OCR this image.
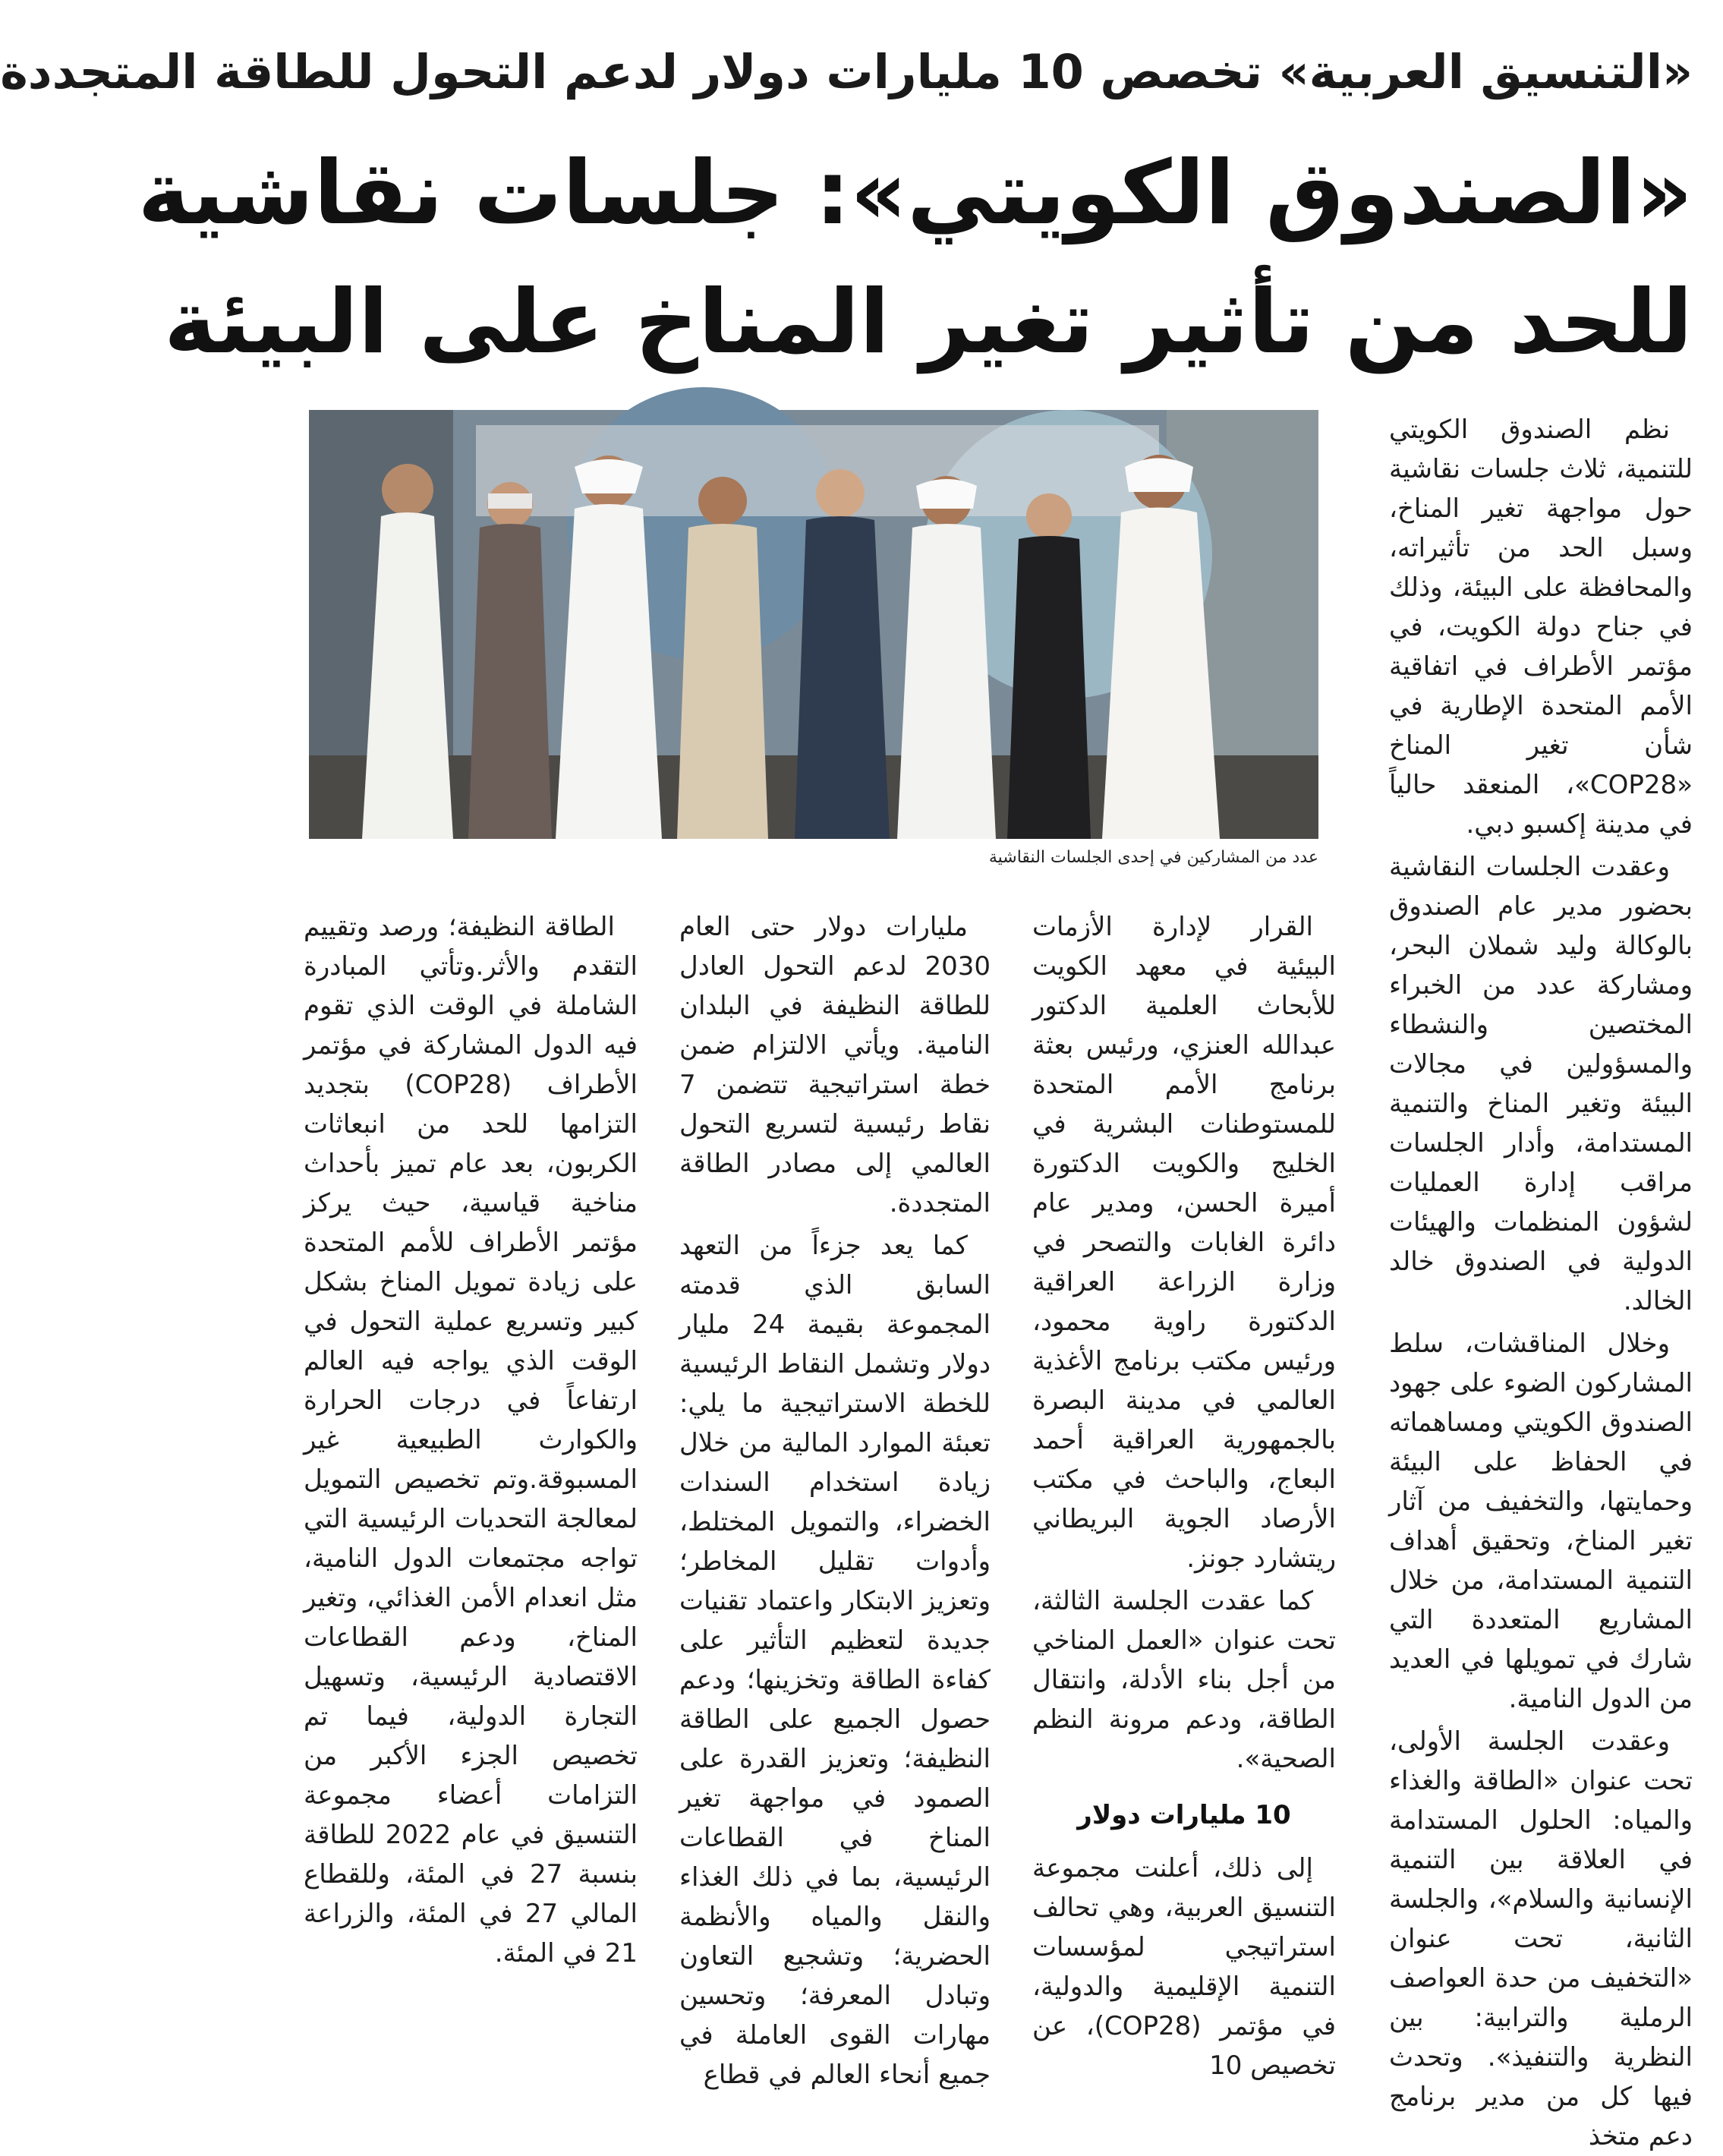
«التنسيق العربية» تخصص 10 مليارات دولار لدعم التحول للطاقة المتجددة
«الصندوق الكويتي»: جلسات نقاشية
للحد من تأثير تغير المناخ على البيئة
عدد من المشاركين في إحدى الجلسات النقاشية

نظم الصندوق الكويتي للتنمية، ثلاث جلسات نقاشية حول مواجهة تغير المناخ، وسبل الحد من تأثيراته، والمحافظة على البيئة، وذلك في جناح دولة الكويت، في مؤتمر الأطراف في اتفاقية الأمم المتحدة الإطارية في شأن تغير المناخ «COP28»، المنعقد حالياً في مدينة إكسبو دبي.

وعقدت الجلسات النقاشية بحضور مدير عام الصندوق بالوكالة وليد شملان البحر، ومشاركة عدد من الخبراء المختصين والنشطاء والمسؤولين في مجالات البيئة وتغير المناخ والتنمية المستدامة، وأدار الجلسات مراقب إدارة العمليات لشؤون المنظمات والهيئات الدولية في الصندوق خالد الخالد.

وخلال المناقشات، سلط المشاركون الضوء على جهود الصندوق الكويتي ومساهماته في الحفاظ على البيئة وحمايتها، والتخفيف من آثار تغير المناخ، وتحقيق أهداف التنمية المستدامة، من خلال المشاريع المتعددة التي شارك في تمويلها في العديد من الدول النامية.

وعقدت الجلسة الأولى، تحت عنوان «الطاقة والغذاء والمياه: الحلول المستدامة في العلاقة بين التنمية الإنسانية والسلام»، والجلسة الثانية، تحت عنوان «التخفيف من حدة العواصف الرملية والترابية: بين النظرية والتنفيذ». وتحدث فيها كل من مدير برنامج دعم متخذ

القرار لإدارة الأزمات البيئية في معهد الكويت للأبحاث العلمية الدكتور عبدالله العنزي، ورئيس بعثة برنامج الأمم المتحدة للمستوطنات البشرية في الخليج والكويت الدكتورة أميرة الحسن، ومدير عام دائرة الغابات والتصحر في وزارة الزراعة العراقية الدكتورة راوية محمود، ورئيس مكتب برنامج الأغذية العالمي في مدينة البصرة بالجمهورية العراقية أحمد البعاج، والباحث في مكتب الأرصاد الجوية البريطاني ريتشارد جونز.

كما عقدت الجلسة الثالثة، تحت عنوان «العمل المناخي من أجل بناء الأدلة، وانتقال الطاقة، ودعم مرونة النظم الصحية».

10 مليارات دولار

إلى ذلك، أعلنت مجموعة التنسيق العربية، وهي تحالف استراتيجي لمؤسسات التنمية الإقليمية والدولية، في مؤتمر (COP28)، عن تخصيص 10

مليارات دولار حتى العام 2030 لدعم التحول العادل للطاقة النظيفة في البلدان النامية. ويأتي الالتزام ضمن خطة استراتيجية تتضمن 7 نقاط رئيسية لتسريع التحول العالمي إلى مصادر الطاقة المتجددة.

كما يعد جزءاً من التعهد السابق الذي قدمته المجموعة بقيمة 24 مليار دولار وتشمل النقاط الرئيسية للخطة الاستراتيجية ما يلي: تعبئة الموارد المالية من خلال زيادة استخدام السندات الخضراء، والتمويل المختلط، وأدوات تقليل المخاطر؛ وتعزيز الابتكار واعتماد تقنيات جديدة لتعظيم التأثير على كفاءة الطاقة وتخزينها؛ ودعم حصول الجميع على الطاقة النظيفة؛ وتعزيز القدرة على الصمود في مواجهة تغير المناخ في القطاعات الرئيسية، بما في ذلك الغذاء والنقل والمياه والأنظمة الحضرية؛ وتشجيع التعاون وتبادل المعرفة؛ وتحسين مهارات القوى العاملة في جميع أنحاء العالم في قطاع

الطاقة النظيفة؛ ورصد وتقييم التقدم والأثر.وتأتي المبادرة الشاملة في الوقت الذي تقوم فيه الدول المشاركة في مؤتمر الأطراف (COP28) بتجديد التزامها للحد من انبعاثات الكربون، بعد عام تميز بأحداث مناخية قياسية، حيث يركز مؤتمر الأطراف للأمم المتحدة على زيادة تمويل المناخ بشكل كبير وتسريع عملية التحول في الوقت الذي يواجه فيه العالم ارتفاعاً في درجات الحرارة والكوارث الطبيعية غير المسبوقة.وتم تخصيص التمويل لمعالجة التحديات الرئيسية التي تواجه مجتمعات الدول النامية، مثل انعدام الأمن الغذائي، وتغير المناخ، ودعم القطاعات الاقتصادية الرئيسية، وتسهيل التجارة الدولية، فيما تم تخصيص الجزء الأكبر من التزامات أعضاء مجموعة التنسيق في عام 2022 للطاقة بنسبة 27 في المئة، وللقطاع المالي 27 في المئة، والزراعة 21 في المئة.
